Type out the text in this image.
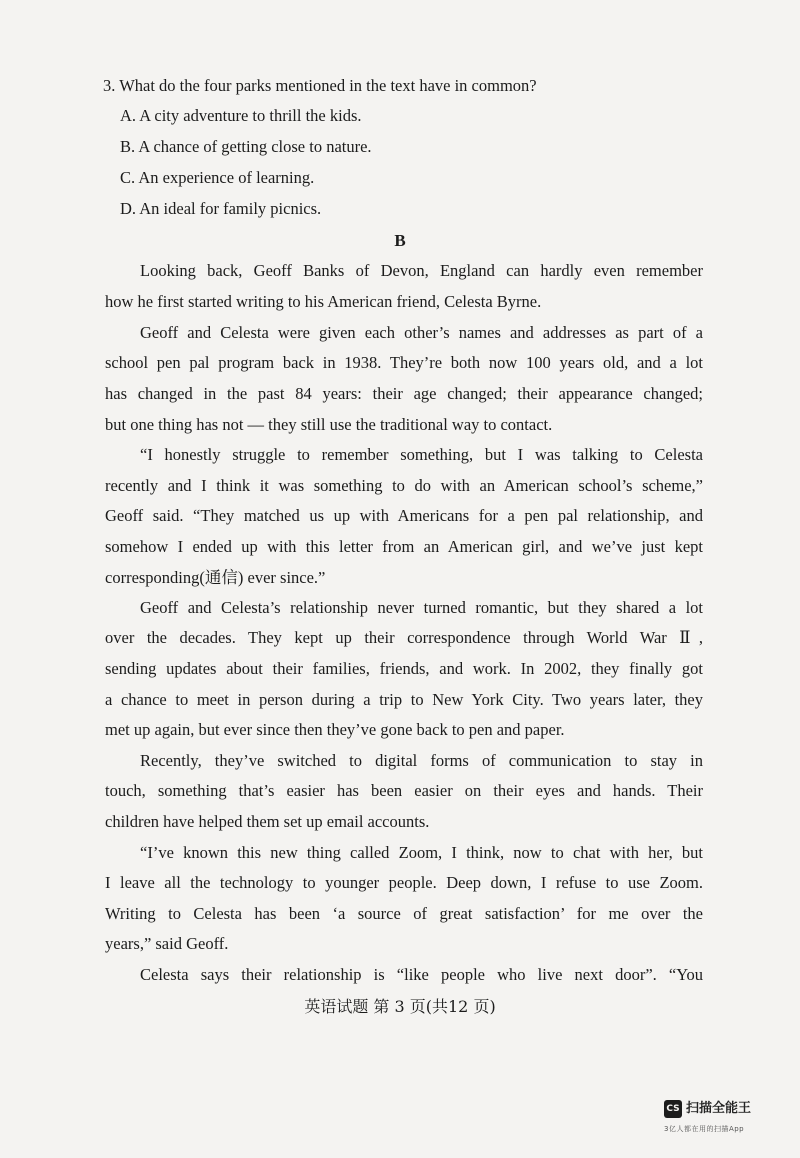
3. What do the four parks mentioned in the text have in common?
A. A city adventure to thrill the kids.
B. A chance of getting close to nature.
C. An experience of learning.
D. An ideal for family picnics.
B
Looking back, Geoff Banks of Devon, England can hardly even remember
how he first started writing to his American friend, Celesta Byrne.
Geoff and Celesta were given each other’s names and addresses as part of a
school pen pal program back in 1938. They’re both now 100 years old, and a lot
has changed in the past 84 years: their age changed; their appearance changed;
but one thing has not — they still use the traditional way to contact.
“I honestly struggle to remember something, but I was talking to Celesta
recently and I think it was something to do with an American school’s scheme,”
Geoff said. “They matched us up with Americans for a pen pal relationship, and
somehow I ended up with this letter from an American girl, and we’ve just kept
corresponding(通信) ever since.”
Geoff and Celesta’s relationship never turned romantic, but they shared a lot
over the decades. They kept up their correspondence through World War Ⅱ,
sending updates about their families, friends, and work. In 2002, they finally got
a chance to meet in person during a trip to New York City. Two years later, they
met up again, but ever since then they’ve gone back to pen and paper.
Recently, they’ve switched to digital forms of communication to stay in
touch, something that’s easier has been easier on their eyes and hands. Their
children have helped them set up email accounts.
“I’ve known this new thing called Zoom, I think, now to chat with her, but
I leave all the technology to younger people. Deep down, I refuse to use Zoom.
Writing to Celesta has been ‘a source of great satisfaction’ for me over the
years,” said Geoff.
Celesta says their relationship is “like people who live next door”. “You
英语试题 第 3 页(共12 页)
CS 扫描全能王
3亿人都在用的扫描App
